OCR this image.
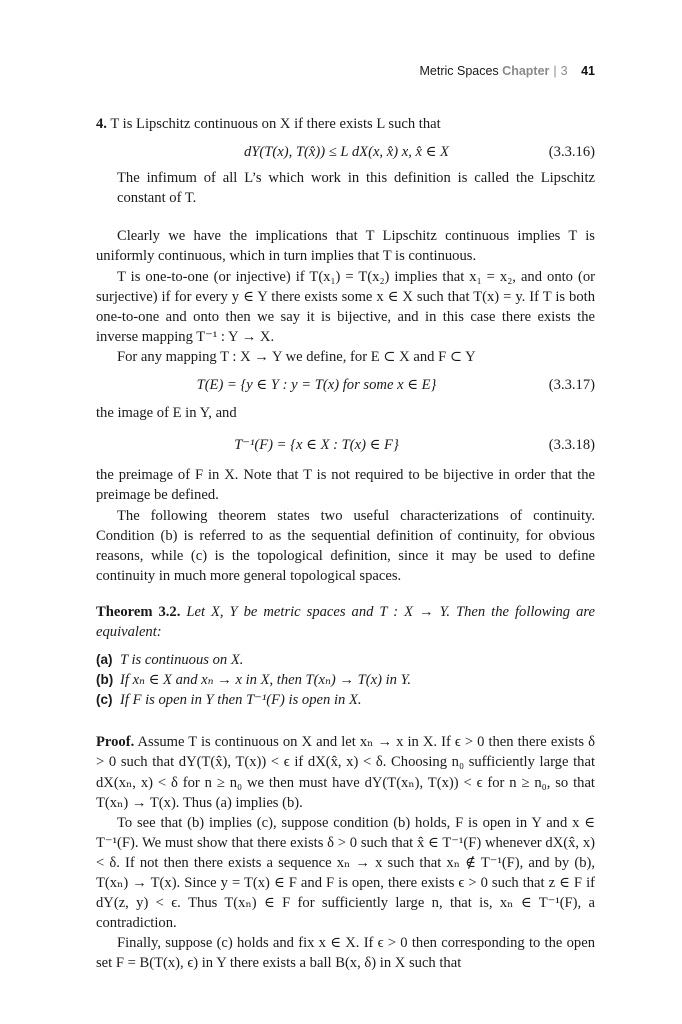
Metric Spaces Chapter | 3 41

4. T is Lipschitz continuous on X if there exists L such that

dY(T(x), T(x̂)) ≤ L dX(x, x̂) x, x̂ ∈ X	(3.3.16)

The infimum of all L’s which work in this definition is called the Lipschitz constant of T.

Clearly we have the implications that T Lipschitz continuous implies T is uniformly continuous, which in turn implies that T is continuous.

T is one-to-one (or injective) if T(x₁) = T(x₂) implies that x₁ = x₂, and onto (or surjective) if for every y ∈ Y there exists some x ∈ X such that T(x) = y. If T is both one-to-one and onto then we say it is bijective, and in this case there exists the inverse mapping T⁻¹ : Y → X.

For any mapping T : X → Y we define, for E ⊂ X and F ⊂ Y

T(E) = {y ∈ Y : y = T(x) for some x ∈ E}	(3.3.17)

the image of E in Y, and

T⁻¹(F) = {x ∈ X : T(x) ∈ F}	(3.3.18)

the preimage of F in X. Note that T is not required to be bijective in order that the preimage be defined.

The following theorem states two useful characterizations of continuity. Condition (b) is referred to as the sequential definition of continuity, for obvious reasons, while (c) is the topological definition, since it may be used to define continuity in much more general topological spaces.

Theorem 3.2. Let X, Y be metric spaces and T : X → Y. Then the following are equivalent:

(a) T is continuous on X.
(b) If xₙ ∈ X and xₙ → x in X, then T(xₙ) → T(x) in Y.
(c) If F is open in Y then T⁻¹(F) is open in X.

Proof. Assume T is continuous on X and let xₙ → x in X. If ϵ > 0 then there exists δ > 0 such that dY(T(x̂), T(x)) < ϵ if dX(x̂, x) < δ. Choosing n₀ sufficiently large that dX(xₙ, x) < δ for n ≥ n₀ we then must have dY(T(xₙ), T(x)) < ϵ for n ≥ n₀, so that T(xₙ) → T(x). Thus (a) implies (b).

To see that (b) implies (c), suppose condition (b) holds, F is open in Y and x ∈ T⁻¹(F). We must show that there exists δ > 0 such that x̂ ∈ T⁻¹(F) whenever dX(x̂, x) < δ. If not then there exists a sequence xₙ → x such that xₙ ∉ T⁻¹(F), and by (b), T(xₙ) → T(x). Since y = T(x) ∈ F and F is open, there exists ϵ > 0 such that z ∈ F if dY(z, y) < ϵ. Thus T(xₙ) ∈ F for sufficiently large n, that is, xₙ ∈ T⁻¹(F), a contradiction.

Finally, suppose (c) holds and fix x ∈ X. If ϵ > 0 then corresponding to the open set F = B(T(x), ϵ) in Y there exists a ball B(x, δ) in X such that
